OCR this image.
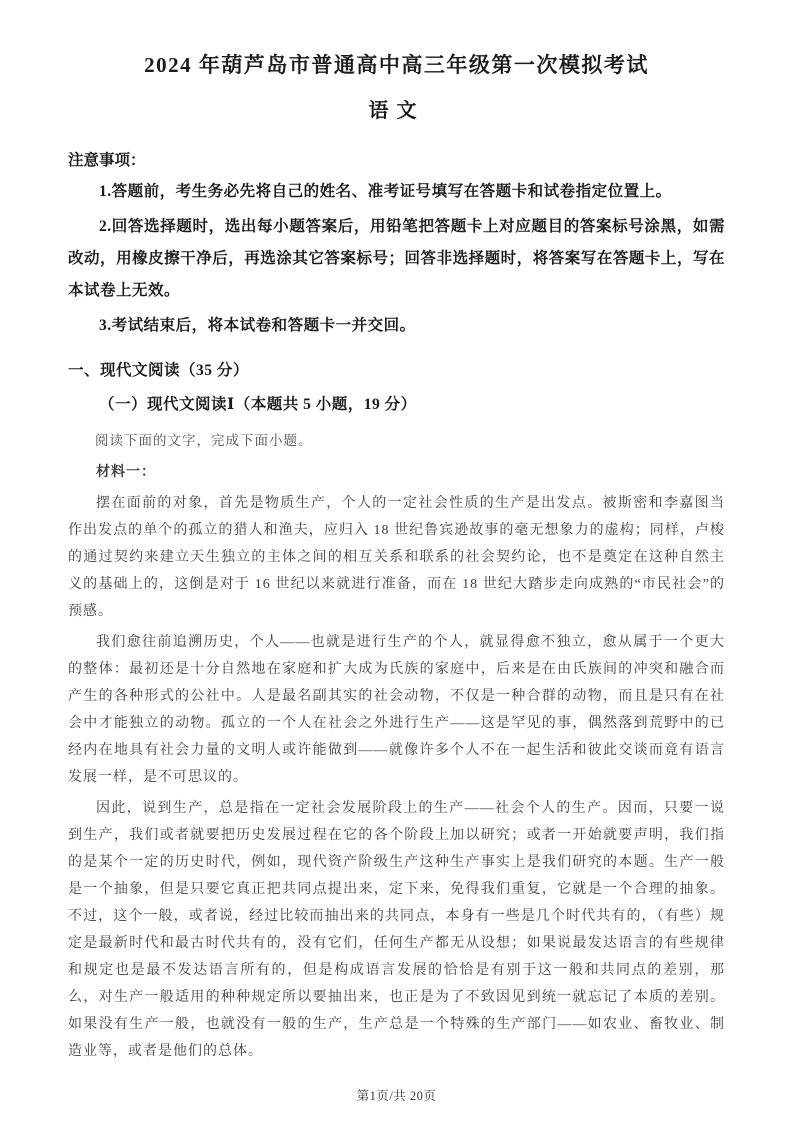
2024 年葫芦岛市普通高中高三年级第一次模拟考试
语文

注意事项：

1.答题前，考生务必先将自己的姓名、准考证号填写在答题卡和试卷指定位置上。

2.回答选择题时，选出每小题答案后，用铅笔把答题卡上对应题目的答案标号涂黑，如需改动，用橡皮擦干净后，再选涂其它答案标号；回答非选择题时，将答案写在答题卡上，写在本试卷上无效。

3.考试结束后，将本试卷和答题卡一并交回。

一、现代文阅读（35 分）

（一）现代文阅读Ⅰ（本题共 5 小题，19 分）

阅读下面的文字，完成下面小题。

材料一：

摆在面前的对象，首先是物质生产，个人的一定社会性质的生产是出发点。被斯密和李嘉图当作出发点的单个的孤立的猎人和渔夫，应归入 18 世纪鲁宾逊故事的毫无想象力的虚构；同样，卢梭的通过契约来建立天生独立的主体之间的相互关系和联系的社会契约论，也不是奠定在这种自然主义的基础上的，这倒是对于 16 世纪以来就进行准备，而在 18 世纪大踏步走向成熟的“市民社会”的预感。

我们愈往前追溯历史，个人——也就是进行生产的个人，就显得愈不独立，愈从属于一个更大的整体：最初还是十分自然地在家庭和扩大成为氏族的家庭中，后来是在由氏族间的冲突和融合而产生的各种形式的公社中。人是最名副其实的社会动物，不仅是一种合群的动物，而且是只有在社会中才能独立的动物。孤立的一个人在社会之外进行生产——这是罕见的事，偶然落到荒野中的已经内在地具有社会力量的文明人或许能做到——就像许多个人不在一起生活和彼此交谈而竟有语言发展一样，是不可思议的。

因此，说到生产，总是指在一定社会发展阶段上的生产——社会个人的生产。因而，只要一说到生产，我们或者就要把历史发展过程在它的各个阶段上加以研究；或者一开始就要声明，我们指的是某个一定的历史时代，例如，现代资产阶级生产这种生产事实上是我们研究的本题。生产一般是一个抽象，但是只要它真正把共同点提出来，定下来，免得我们重复，它就是一个合理的抽象。不过，这个一般，或者说，经过比较而抽出来的共同点，本身有一些是几个时代共有的，（有些）规定是最新时代和最古时代共有的，没有它们，任何生产都无从设想；如果说最发达语言的有些规律和规定也是最不发达语言所有的，但是构成语言发展的恰恰是有别于这一般和共同点的差别，那么，对生产一般适用的种种规定所以要抽出来，也正是为了不致因见到统一就忘记了本质的差别。如果没有生产一般，也就没有一般的生产，生产总是一个特殊的生产部门——如农业、畜牧业、制造业等，或者是他们的总体。

第1页/共 20页
